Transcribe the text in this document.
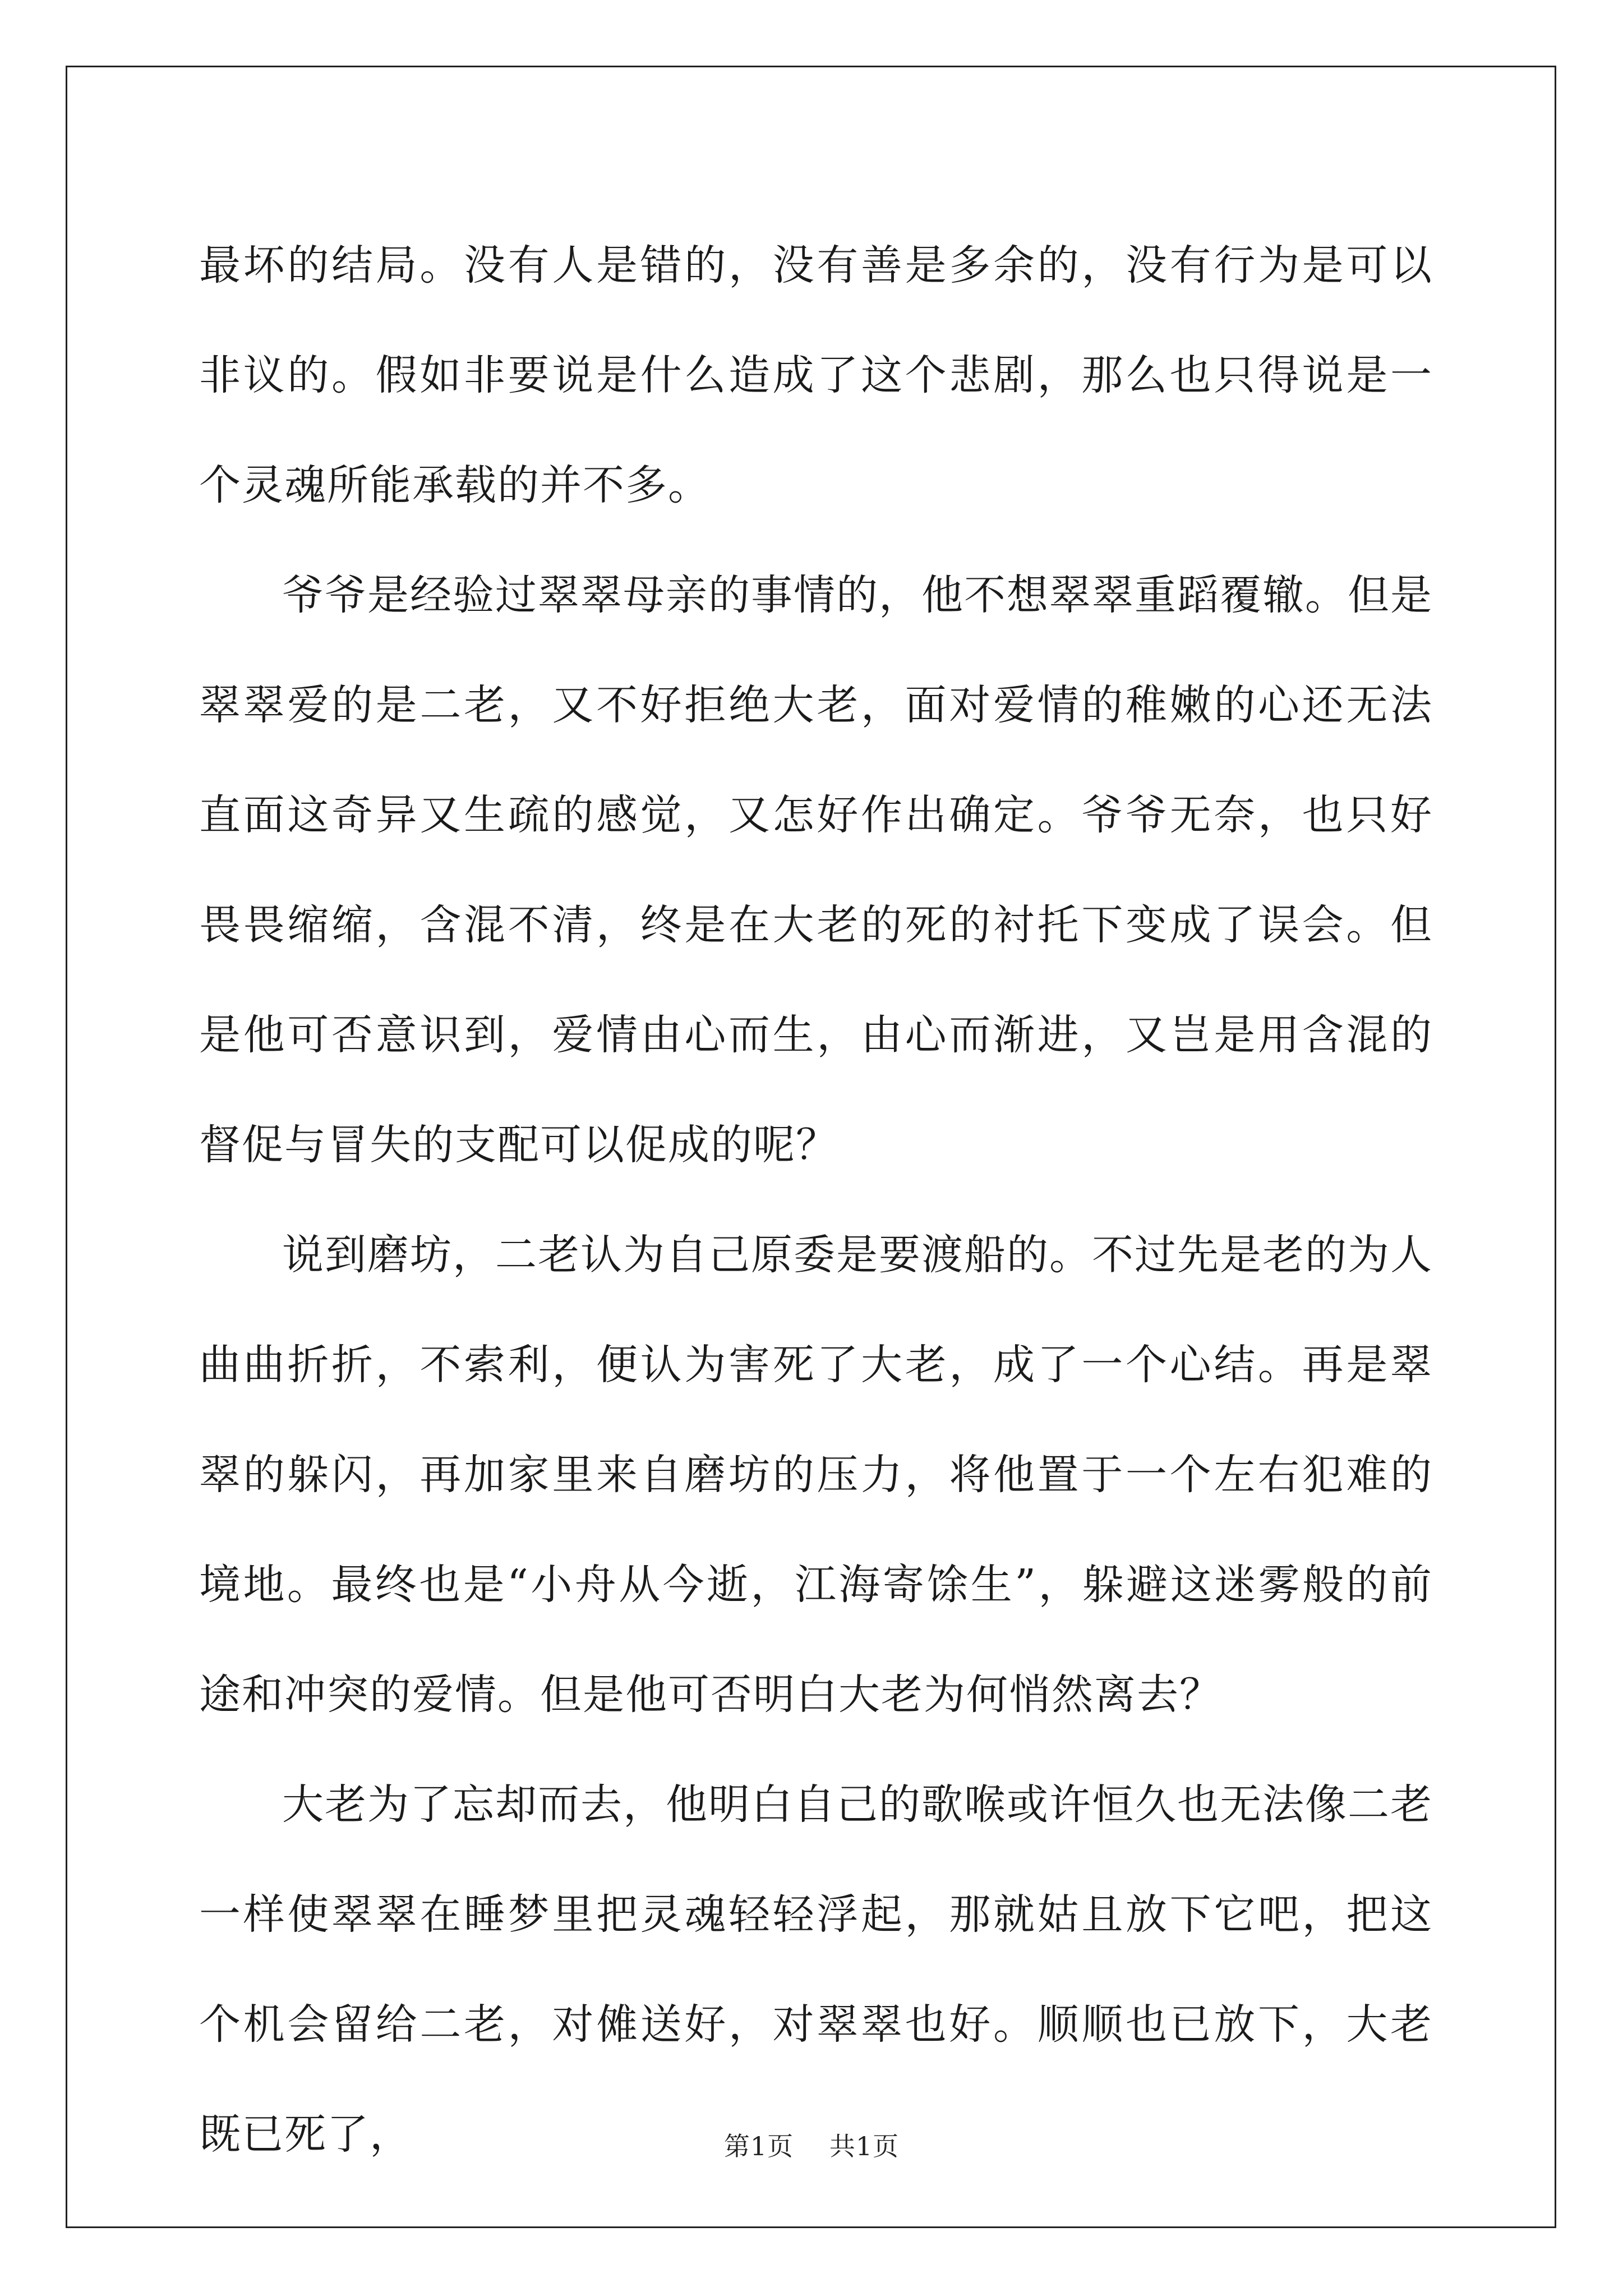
最坏的结局。没有人是错的，没有善是多余的，没有行为是可以非议的。假如非要说是什么造成了这个悲剧，那么也只得说是一个灵魂所能承载的并不多。

爷爷是经验过翠翠母亲的事情的，他不想翠翠重蹈覆辙。但是翠翠爱的是二老，又不好拒绝大老，面对爱情的稚嫩的心还无法直面这奇异又生疏的感觉，又怎好作出确定。爷爷无奈，也只好畏畏缩缩，含混不清，终是在大老的死的衬托下变成了误会。但是他可否意识到，爱情由心而生，由心而渐进，又岂是用含混的督促与冒失的支配可以促成的呢？

说到磨坊，二老认为自己原委是要渡船的。不过先是老的为人曲曲折折，不索利，便认为害死了大老，成了一个心结。再是翠翠的躲闪，再加家里来自磨坊的压力，将他置于一个左右犯难的境地。最终也是“小舟从今逝，江海寄馀生”，躲避这迷雾般的前途和冲突的爱情。但是他可否明白大老为何悄然离去？

大老为了忘却而去，他明白自己的歌喉或许恒久也无法像二老一样使翠翠在睡梦里把灵魂轻轻浮起，那就姑且放下它吧，把这个机会留给二老，对傩送好，对翠翠也好。顺顺也已放下，大老既已死了，	第1页 共1页
